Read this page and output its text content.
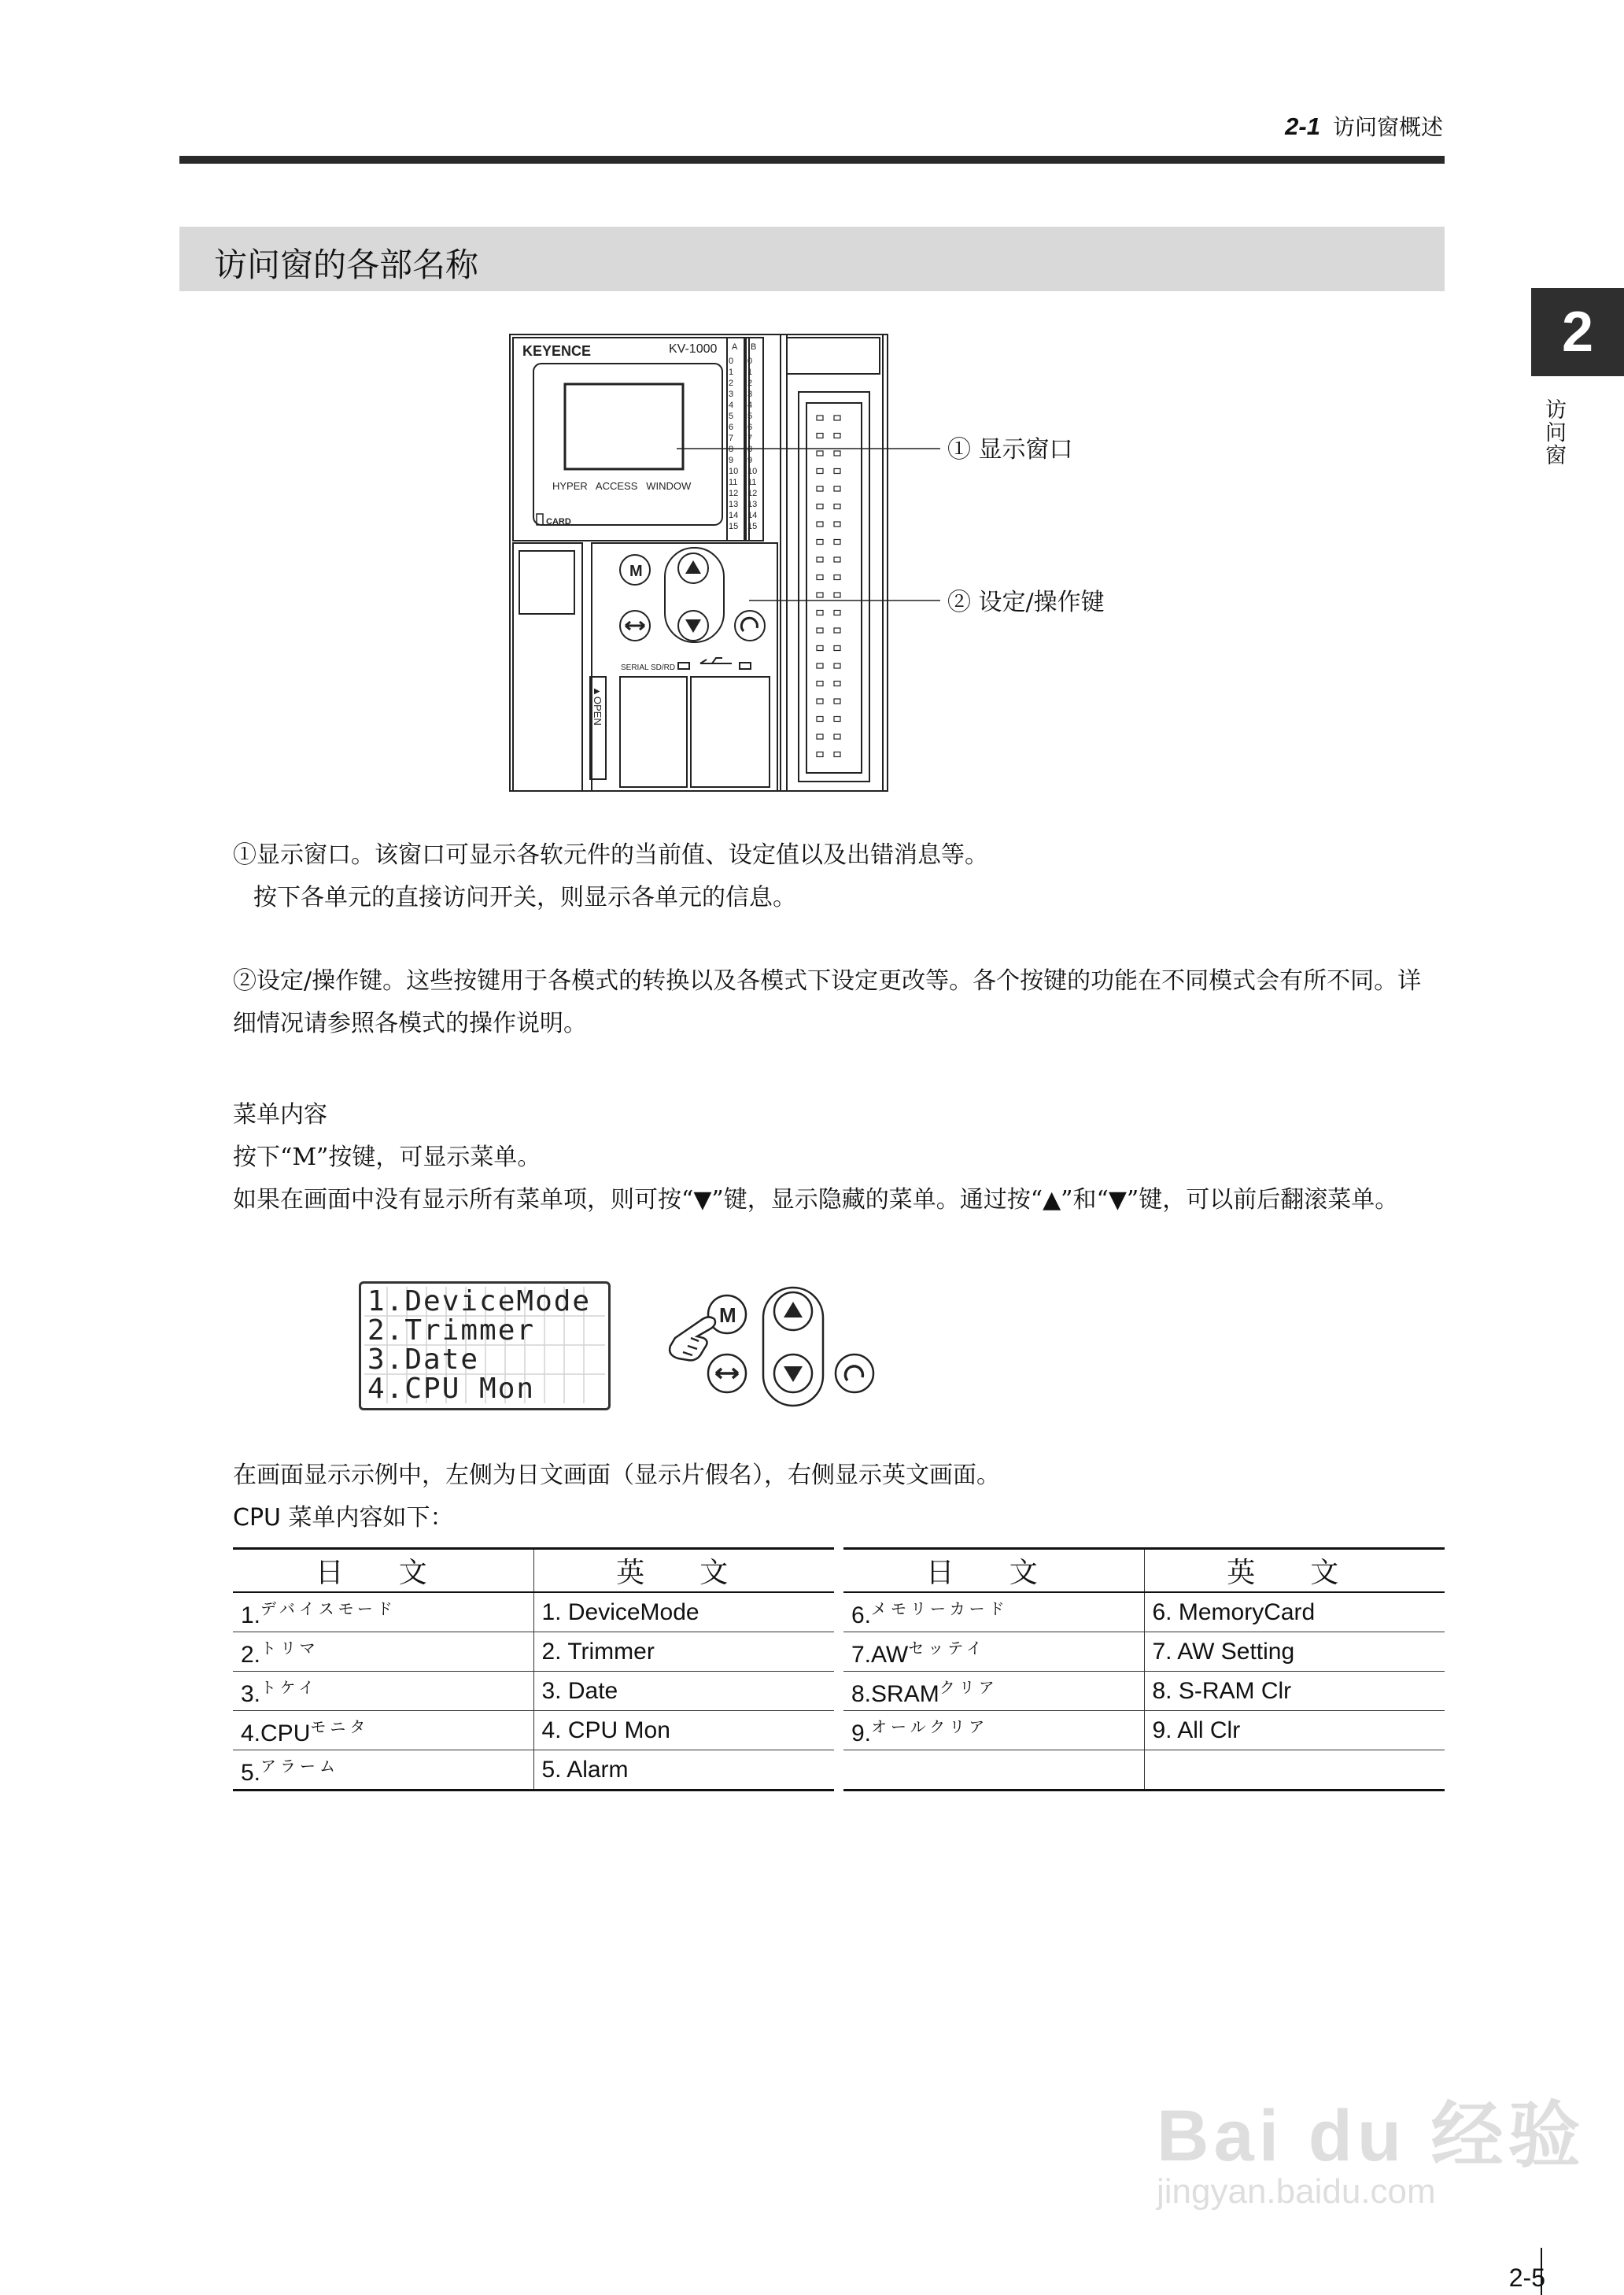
2-1 访问窗概述
访问窗的各部名称
2
访问窗
0
1
2
3
4
5
6
7
8
9
10
11
12
13
14
15
0
1
2
3
4
5
6
7
8
9
10
11
12
13
14
15
KEYENCE	KV-1000
HYPER   ACCESS   WINDOW
CARD
A B
SERIAL SD/RD
M
▲OPEN
① 显示窗口
② 设定/操作键
①显示窗口。该窗口可显示各软元件的当前值、设定值以及出错消息等。
按下各单元的直接访问开关，则显示各单元的信息。
②设定/操作键。这些按键用于各模式的转换以及各模式下设定更改等。各个按键的功能在不同模式会有所不同。详细情况请参照各模式的操作说明。
菜单内容
按下“M”按键，可显示菜单。
如果在画面中没有显示所有菜单项，则可按“▼”键，显示隐藏的菜单。通过按“▲”和“▼”键，可以前后翻滚菜单。
1.DeviceMode
2.Trimmer
3.Date
4.CPU Mon
M
在画面显示示例中，左侧为日文画面（显示片假名），右侧显示英文画面。
CPU 菜单内容如下：
日 文	英 文
1.$^{デバイスモード}$	1. DeviceMode
2.$^{トリマ}$	2. Trimmer
3.$^{トケイ}$	3. Date
$4.CPU^{モニタ}$	4. CPU Mon
5.$^{アラーム}$	5. Alarm
日 文	英 文
6.$^{メモリーカード}$	6. MemoryCard
$7.AW^{セッテイ}$	7. AW Setting
$8.SRAM^{クリア}$	8. S-RAM Clr
9.$^{オールクリア}$	9. All Clr

Bai du 经验
jingyan.baidu.com
2-5
